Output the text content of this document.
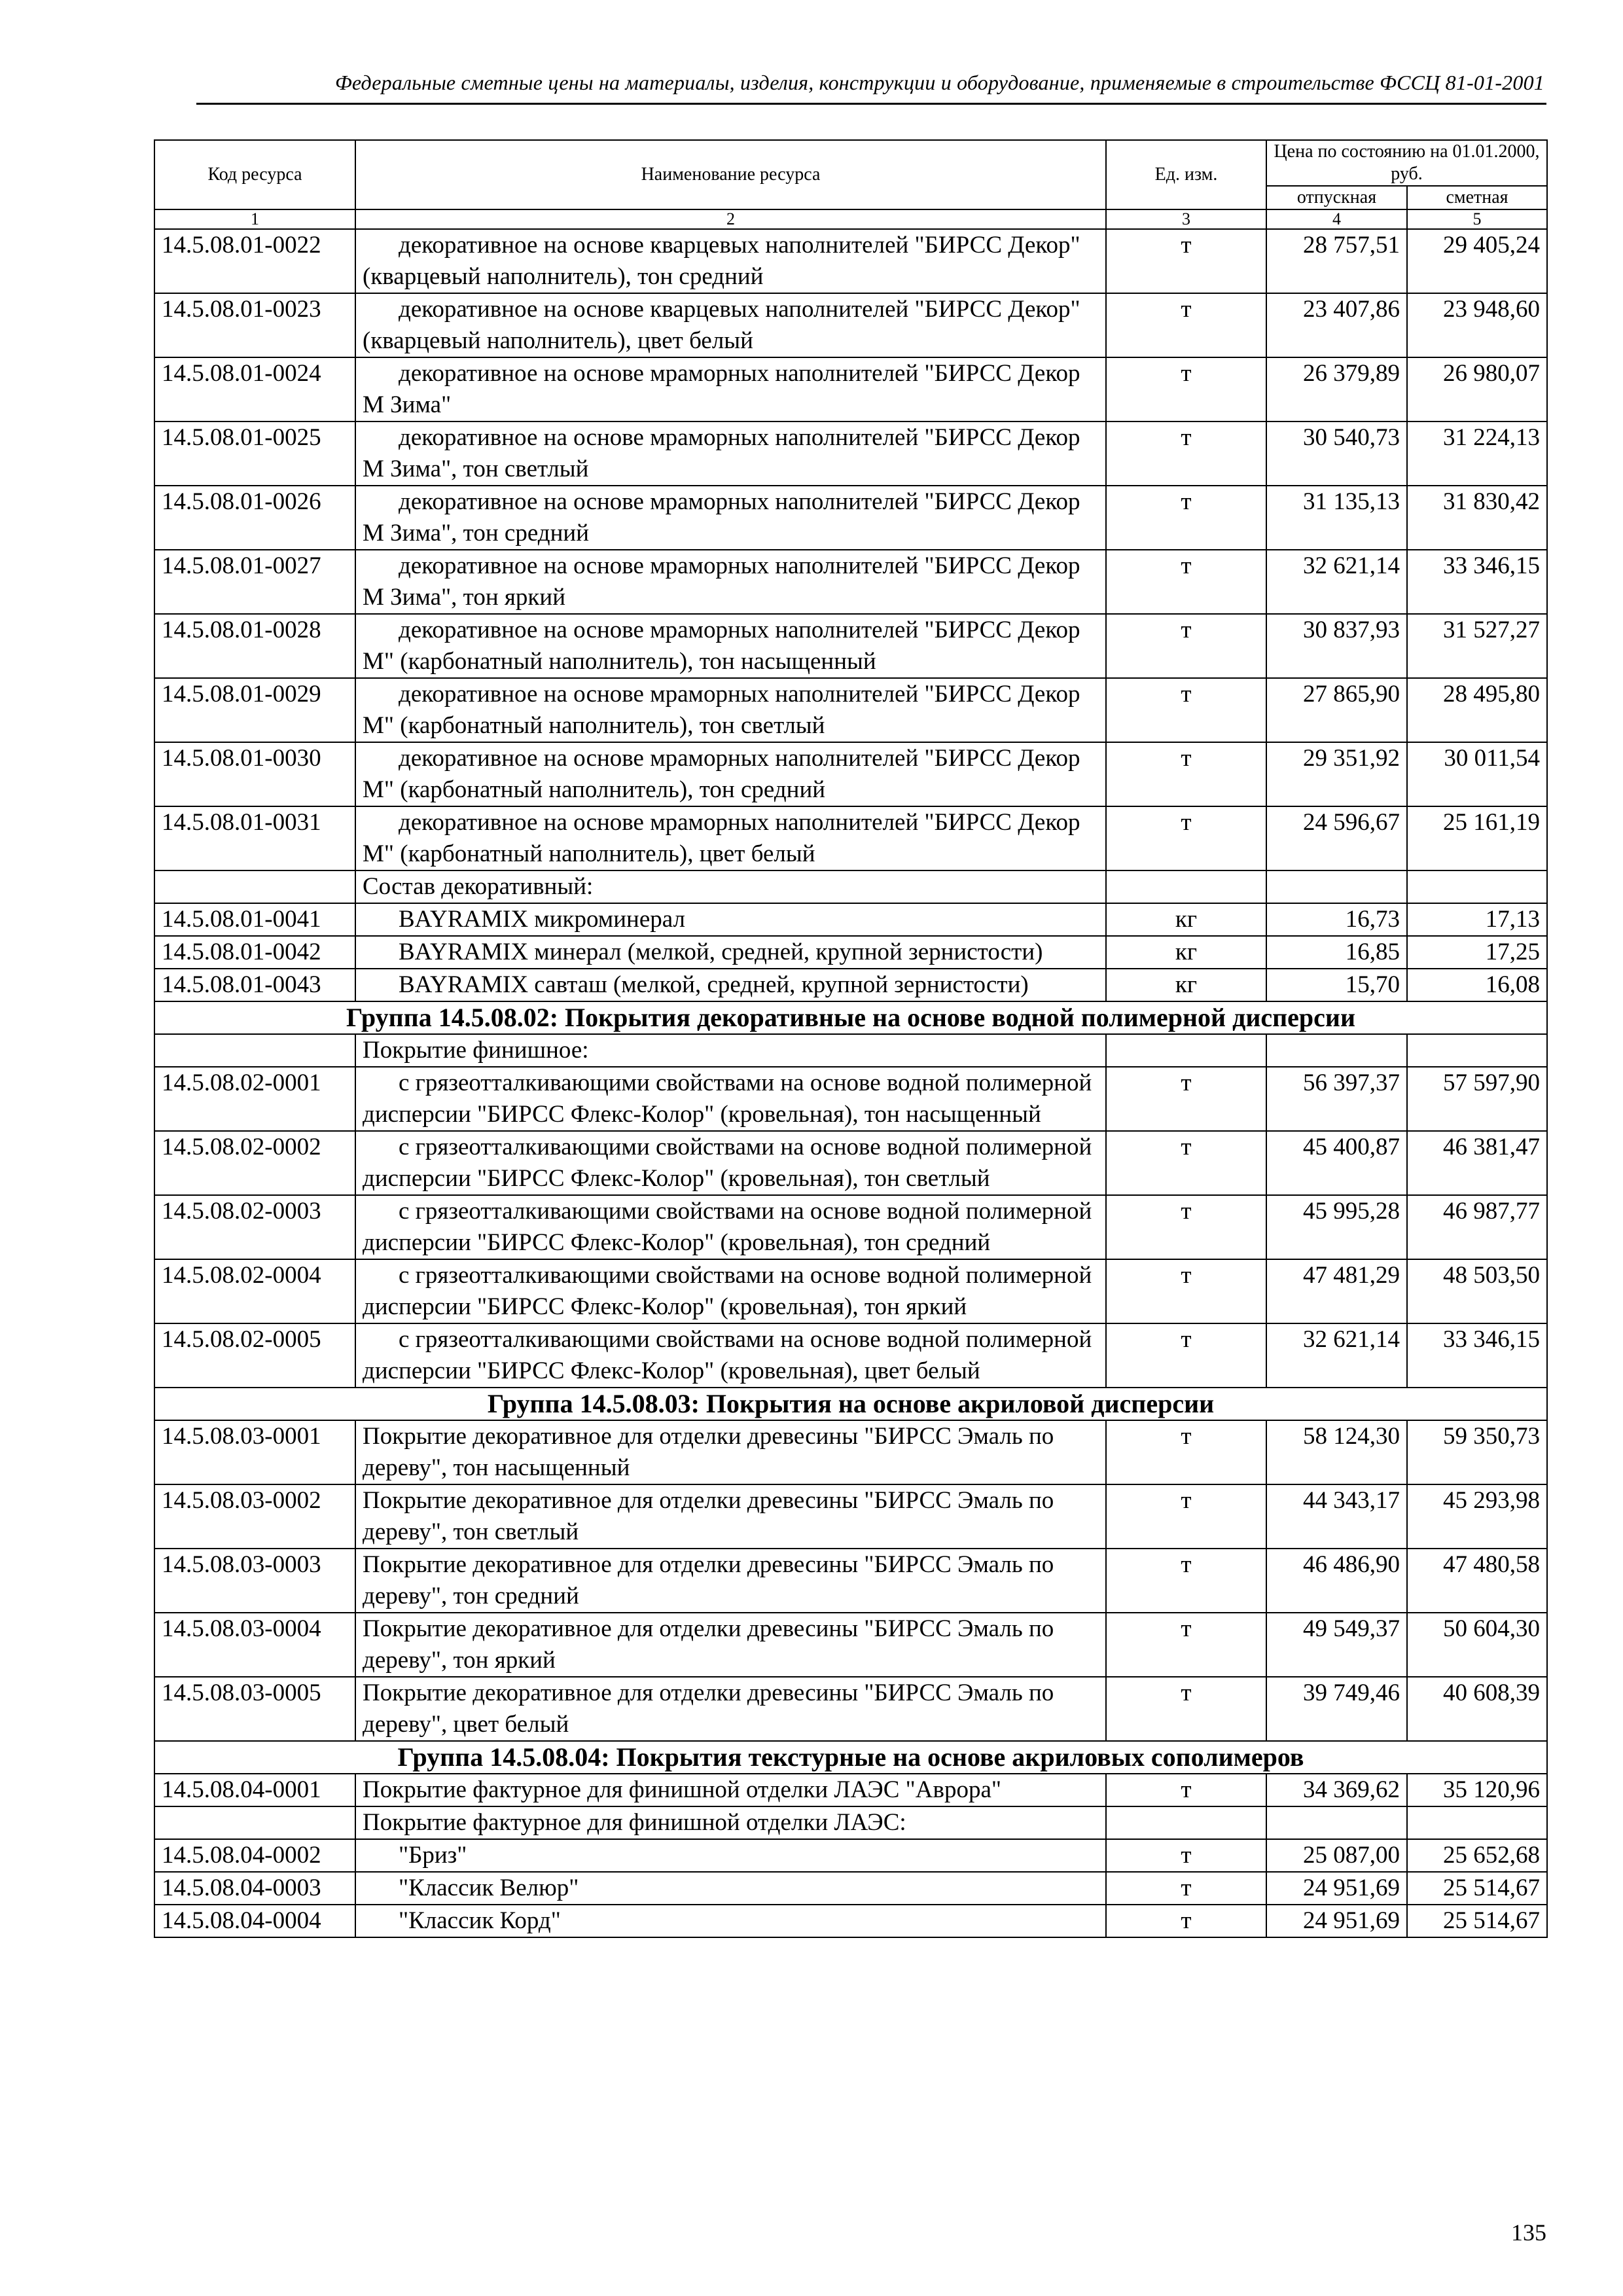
Федеральные сметные цены на материалы, изделия, конструкции и оборудование, применяемые в строительстве ФССЦ 81-01-2001
Код ресурса	Наименование ресурса	Ед. изм.	Цена по состоянию на 01.01.2000, руб.	
			отпускная	сметная
1	2	3	4	5
14.5.08.01-0022	декоративное на основе кварцевых наполнителей "БИРСС Декор" (кварцевый наполнитель), тон средний	т	28 757,51	29 405,24
14.5.08.01-0023	декоративное на основе кварцевых наполнителей "БИРСС Декор" (кварцевый наполнитель), цвет белый	т	23 407,86	23 948,60
14.5.08.01-0024	декоративное на основе мраморных наполнителей "БИРСС Декор М Зима"	т	26 379,89	26 980,07
14.5.08.01-0025	декоративное на основе мраморных наполнителей "БИРСС Декор М Зима", тон светлый	т	30 540,73	31 224,13
14.5.08.01-0026	декоративное на основе мраморных наполнителей "БИРСС Декор М Зима", тон средний	т	31 135,13	31 830,42
14.5.08.01-0027	декоративное на основе мраморных наполнителей "БИРСС Декор М Зима", тон яркий	т	32 621,14	33 346,15
14.5.08.01-0028	декоративное на основе мраморных наполнителей "БИРСС Декор М" (карбонатный наполнитель), тон насыщенный	т	30 837,93	31 527,27
14.5.08.01-0029	декоративное на основе мраморных наполнителей "БИРСС Декор М" (карбонатный наполнитель), тон светлый	т	27 865,90	28 495,80
14.5.08.01-0030	декоративное на основе мраморных наполнителей "БИРСС Декор М" (карбонатный наполнитель), тон средний	т	29 351,92	30 011,54
14.5.08.01-0031	декоративное на основе мраморных наполнителей "БИРСС Декор М" (карбонатный наполнитель), цвет белый	т	24 596,67	25 161,19
	Состав декоративный:			
14.5.08.01-0041	BAYRAMIX микроминерал	кг	16,73	17,13
14.5.08.01-0042	BAYRAMIX минерал (мелкой, средней, крупной зернистости)	кг	16,85	17,25
14.5.08.01-0043	BAYRAMIX савташ (мелкой, средней, крупной зернистости)	кг	15,70	16,08
Группа 14.5.08.02: Покрытия декоративные на основе водной полимерной дисперсии				
	Покрытие финишное:			
14.5.08.02-0001	с грязеотталкивающими свойствами на основе водной полимерной дисперсии "БИРСС Флекс-Колор" (кровельная), тон насыщенный	т	56 397,37	57 597,90
14.5.08.02-0002	с грязеотталкивающими свойствами на основе водной полимерной дисперсии "БИРСС Флекс-Колор" (кровельная), тон светлый	т	45 400,87	46 381,47
14.5.08.02-0003	с грязеотталкивающими свойствами на основе водной полимерной дисперсии "БИРСС Флекс-Колор" (кровельная), тон средний	т	45 995,28	46 987,77
14.5.08.02-0004	с грязеотталкивающими свойствами на основе водной полимерной дисперсии "БИРСС Флекс-Колор" (кровельная), тон яркий	т	47 481,29	48 503,50
14.5.08.02-0005	с грязеотталкивающими свойствами на основе водной полимерной дисперсии "БИРСС Флекс-Колор" (кровельная), цвет белый	т	32 621,14	33 346,15
Группа 14.5.08.03: Покрытия на основе акриловой дисперсии				
14.5.08.03-0001	Покрытие декоративное для отделки древесины "БИРСС Эмаль по дереву", тон насыщенный	т	58 124,30	59 350,73
14.5.08.03-0002	Покрытие декоративное для отделки древесины "БИРСС Эмаль по дереву", тон светлый	т	44 343,17	45 293,98
14.5.08.03-0003	Покрытие декоративное для отделки древесины "БИРСС Эмаль по дереву", тон средний	т	46 486,90	47 480,58
14.5.08.03-0004	Покрытие декоративное для отделки древесины "БИРСС Эмаль по дереву", тон яркий	т	49 549,37	50 604,30
14.5.08.03-0005	Покрытие декоративное для отделки древесины "БИРСС Эмаль по дереву", цвет белый	т	39 749,46	40 608,39
Группа 14.5.08.04: Покрытия текстурные на основе акриловых сополимеров				
14.5.08.04-0001	Покрытие фактурное для финишной отделки ЛАЭС "Аврора"	т	34 369,62	35 120,96
	Покрытие фактурное для финишной отделки ЛАЭС:			
14.5.08.04-0002	"Бриз"	т	25 087,00	25 652,68
14.5.08.04-0003	"Классик Велюр"	т	24 951,69	25 514,67
14.5.08.04-0004	"Классик Корд"	т	24 951,69	25 514,67
135
